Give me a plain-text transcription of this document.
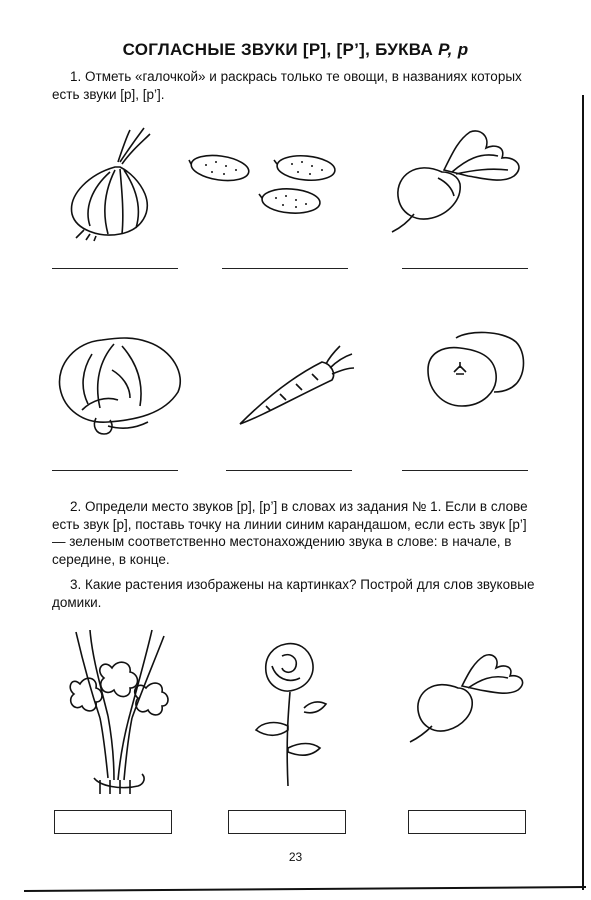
СОГЛАСНЫЕ ЗВУКИ [Р], [Р’], БУКВА Р, р
1. Отметь «галочкой» и раскрась только те овощи, в названиях которых есть звуки [р], [р’].
2. Определи место звуков [р], [р’] в словах из задания № 1. Если в слове есть звук [р], поставь точку на линии синим карандашом, если есть звук [р’] — зеленым соответственно местонахождению звука в слове: в начале, в середине, в конце.
3. Какие растения изображены на картинках? Построй для слов звуковые домики.
23
